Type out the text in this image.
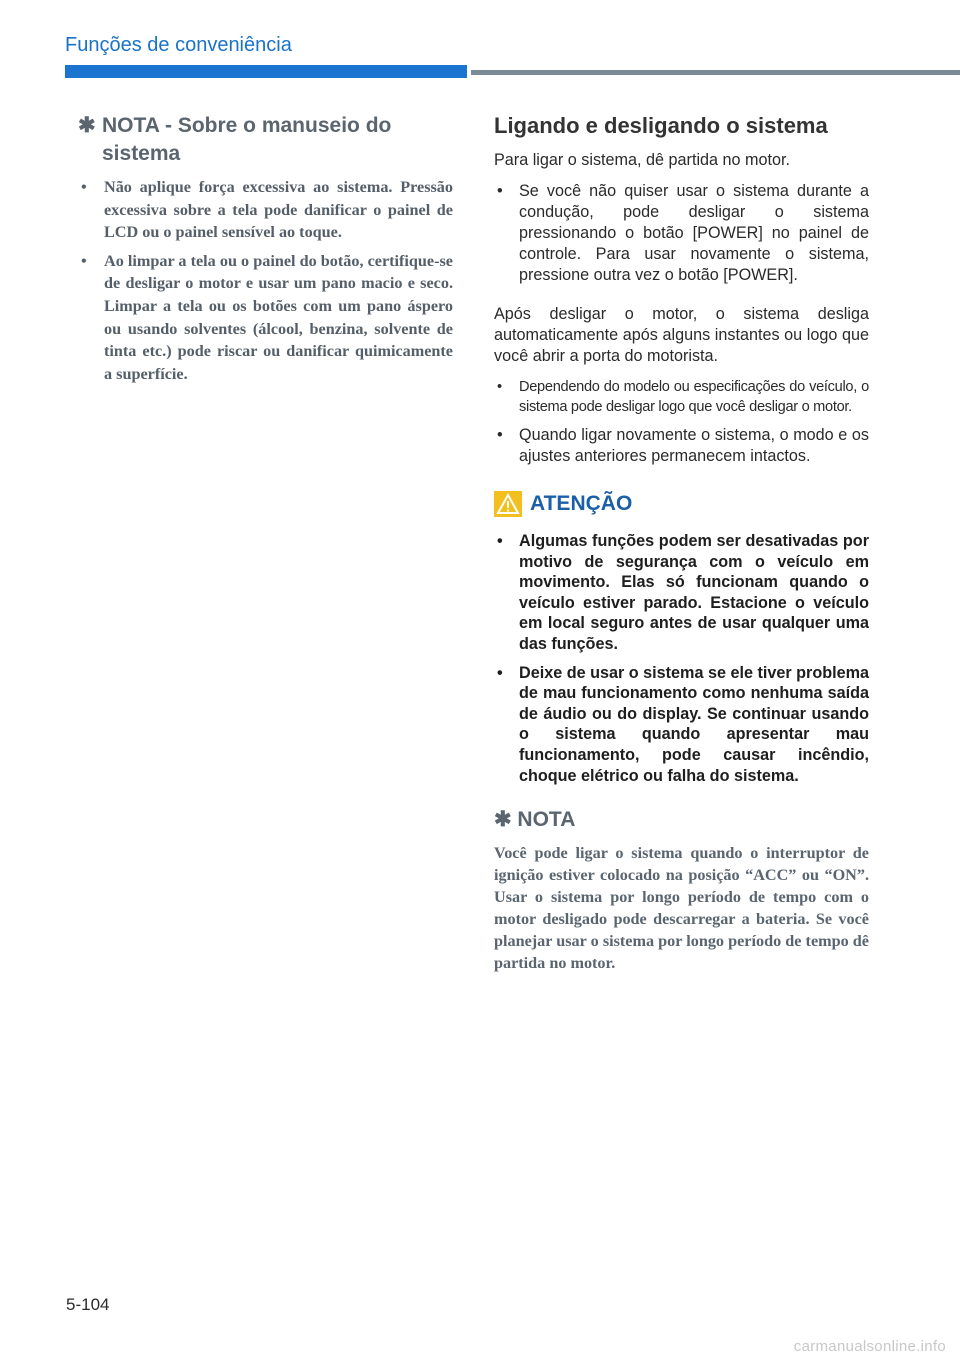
Funções de conveniência
✱ NOTA - Sobre o manuseio do sistema
• Não aplique força excessiva ao sistema. Pressão excessiva sobre a tela pode danificar o painel de LCD ou o painel sensível ao toque.
• Ao limpar a tela ou o painel do botão, certifique-se de desligar o motor e usar um pano macio e seco. Limpar a tela ou os botões com um pano áspero ou usando solventes (álcool, benzina, solvente de tinta etc.) pode riscar ou danificar quimicamente a superfície.
Ligando e desligando o sistema

Para ligar o sistema, dê partida no motor.

• Se você não quiser usar o sistema durante a condução, pode desligar o sistema pressionando o botão [POWER] no painel de controle. Para usar novamente o sistema, pressione outra vez o botão [POWER].

Após desligar o motor, o sistema desliga automaticamente após alguns instantes ou logo que você abrir a porta do motorista.

• Dependendo do modelo ou especificações do veículo, o sistema pode desligar logo que você desligar o motor.
• Quando ligar novamente o sistema, o modo e os ajustes anteriores permanecem intactos.
ATENÇÃO
• Algumas funções podem ser desativadas por motivo de segurança com o veículo em movimento. Elas só funcionam quando o veículo estiver parado. Estacione o veículo em local seguro antes de usar qualquer uma das funções.
• Deixe de usar o sistema se ele tiver problema de mau funcionamento como nenhuma saída de áudio ou do display. Se continuar usando o sistema quando apresentar mau funcionamento, pode causar incêndio, choque elétrico ou falha do sistema.
✱ NOTA

Você pode ligar o sistema quando o interruptor de ignição estiver colocado na posição “ACC” ou “ON”. Usar o sistema por longo período de tempo com o motor desligado pode descarregar a bateria. Se você planejar usar o sistema por longo período de tempo dê partida no motor.

5-104
carmanualsonline.info
